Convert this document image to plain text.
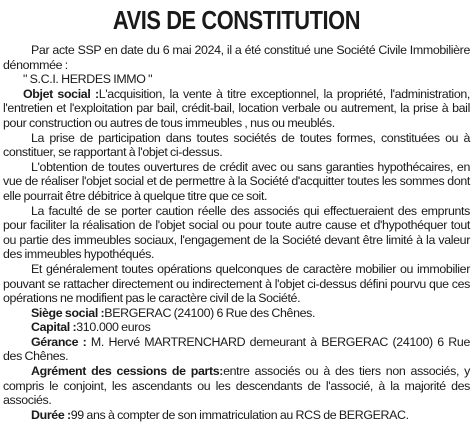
AVIS DE CONSTITUTION

Par acte SSP en date du 6 mai 2024, il a été constitué une Société Civile Immobilière dénommée :

" S.C.I. HERDES IMMO "

Objet social :L'acquisition, la vente à titre exceptionnel, la propriété, l'administration, l'entretien et l'exploitation par bail, crédit-bail, location verbale ou autrement, la prise à bail pour construction ou autres de tous immeubles , nus ou meublés.

La prise de participation dans toutes sociétés de toutes formes, constituées ou à constituer, se rapportant à l'objet ci-dessus.

L'obtention de toutes ouvertures de crédit avec ou sans garanties hypothécaires, en vue de réaliser l'objet social et de permettre à la Société d'acquitter toutes les sommes dont elle pourrait être débitrice à quelque titre que ce soit.

La faculté de se porter caution réelle des associés qui effectueraient des emprunts pour faciliter la réalisation de l'objet social ou pour toute autre cause et d'hypothéquer tout ou partie des immeubles sociaux, l'engagement de la Société devant être limité à la valeur des immeubles hypothéqués.

Et généralement toutes opérations quelconques de caractère mobilier ou immobilier pouvant se rattacher directement ou indirectement à l'objet ci-dessus défini pourvu que ces opérations ne modifient pas le caractère civil de la Société.

Siège social :BERGERAC (24100) 6 Rue des Chênes.

Capital :310.000 euros

Gérance : M. Hervé MARTRENCHARD demeurant à BERGERAC (24100) 6 Rue des Chênes.

Agrément des cessions de parts:entre associés ou à des tiers non associés, y compris le conjoint, les ascendants ou les descendants de l'associé, à la majorité des associés.

Durée :99 ans à compter de son immatriculation au RCS de BERGERAC.
